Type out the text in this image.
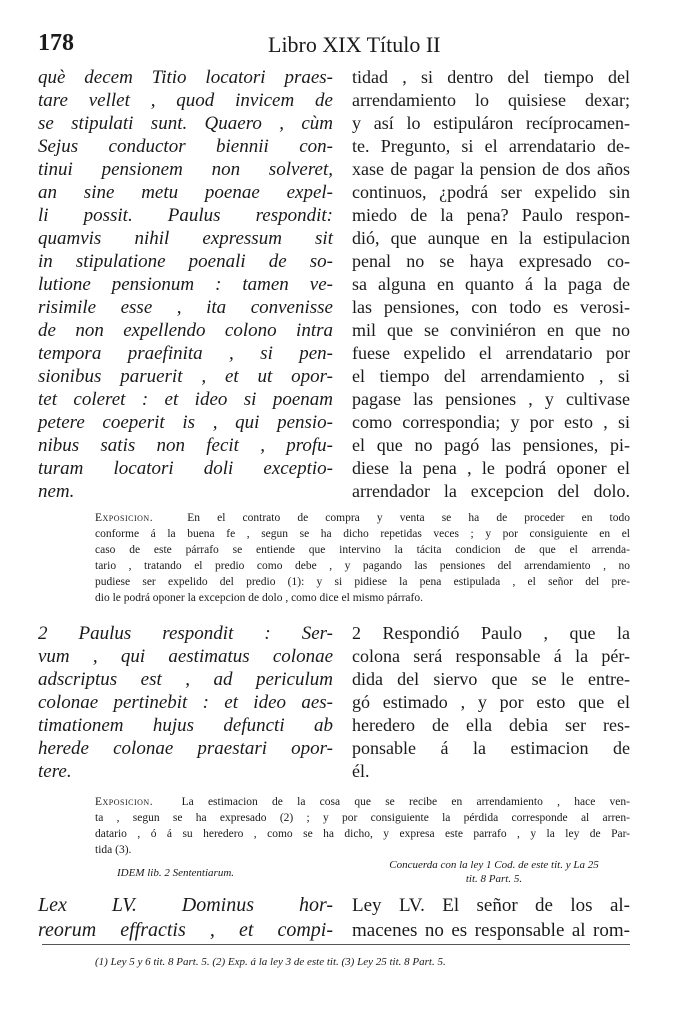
178	Libro XIX Título II
què decem Titio locatori praes-
tare vellet , quod invicem de
se stipulati sunt. Quaero , cùm
Sejus conductor biennii con-
tinui pensionem non solveret,
an sine metu poenae expel-
li possit. Paulus respondit:
quamvis nihil expressum sit
in stipulatione poenali de so-
lutione pensionum : tamen ve-
risimile esse , ita convenisse
de non expellendo colono intra
tempora praefinita , si pen-
sionibus paruerit , et ut opor-
tet coleret : et ideo si poenam
petere coeperit is , qui pensio-
nibus satis non fecit , profu-
turam locatori doli exceptio-
nem.
tidad , si dentro del tiempo del
arrendamiento lo quisiese dexar;
y así lo estipuláron recíprocamen-
te. Pregunto, si el arrendatario de-
xase de pagar la pension de dos años
continuos, ¿podrá ser expelido sin
miedo de la pena? Paulo respon-
dió, que aunque en la estipulacion
penal no se haya expresado co-
sa alguna en quanto á la paga de
las pensiones, con todo es verosi-
mil que se conviniéron en que no
fuese expelido el arrendatario por
el tiempo del arrendamiento , si
pagase las pensiones , y cultivase
como correspondia; y por esto , si
el que no pagó las pensiones, pi-
diese la pena , le podrá oponer el
arrendador la excepcion del dolo.
Exposicion.	En el contrato de compra y venta se ha de proceder en todo
conforme á la buena fe , segun se ha dicho repetidas veces ; y por consiguiente en el
caso de este párrafo se entiende que intervino la tácita condicion de que el arrenda-
tario , tratando el predio como debe , y pagando las pensiones del arrendamiento , no
pudiese ser expelido del predio (1): y si pidiese la pena estipulada , el señor del pre-
dio le podrá oponer la excepcion de dolo , como dice el mismo párrafo.
2 Paulus respondit : Ser-
vum , qui aestimatus colonae
adscriptus est , ad periculum
colonae pertinebit : et ideo aes-
timationem hujus defuncti ab
herede colonae praestari opor-
tere.
2 Respondió Paulo , que la
colona será responsable á la pér-
dida del siervo que se le entre-
gó estimado , y por esto que el
heredero de ella debia ser res-
ponsable á la estimacion de
él.
Exposicion. La estimacion de la cosa que se recibe en arrendamiento , hace ven-
ta , segun se ha expresado (2) ; y por consiguiente la pérdida corresponde al arren-
datario , ó á su heredero , como se ha dicho, y expresa este parrafo , y la ley de Par-
tida (3).
IDEM lib. 2 Sententiarum.
Concuerda con la ley 1 Cod. de este tit. y La 25
tit. 8 Part. 5.
Lex LV. Dominus hor-
reorum effractis , et compi-
Ley LV. El señor de los al-
macenes no es responsable al rom-
(1) Ley 5 y 6 tit. 8 Part. 5. (2) Exp. á la ley 3 de este tit. (3) Ley 25 tit. 8 Part. 5.
